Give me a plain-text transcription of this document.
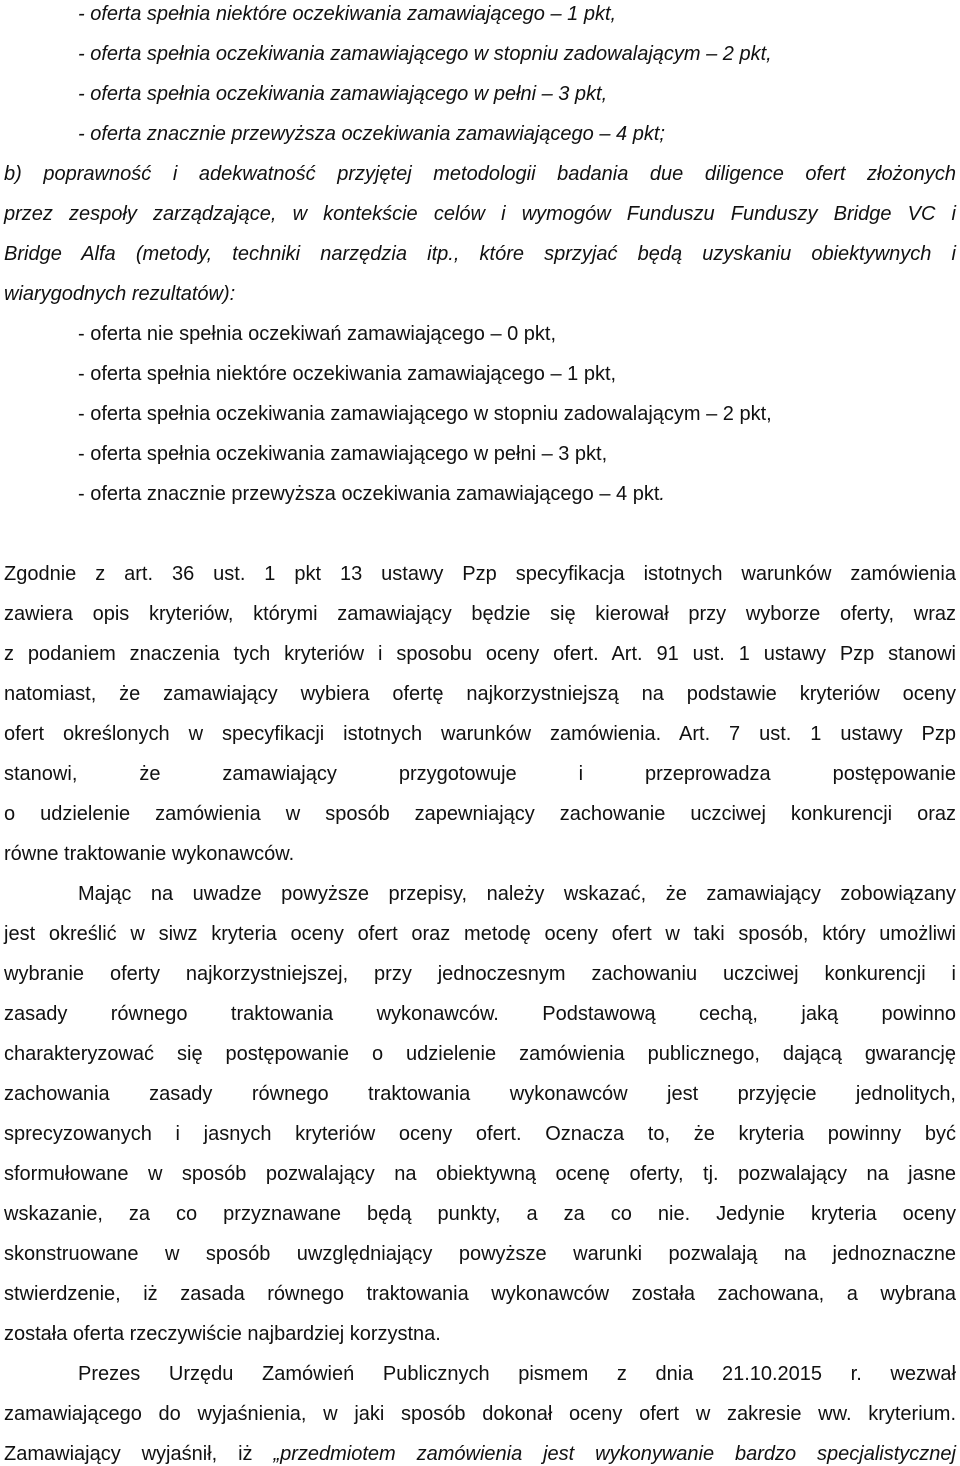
- oferta spełnia niektóre oczekiwania zamawiającego – 1 pkt,
- oferta spełnia oczekiwania zamawiającego w stopniu zadowalającym – 2 pkt,
- oferta spełnia oczekiwania zamawiającego w pełni – 3 pkt,
- oferta znacznie przewyższa oczekiwania zamawiającego – 4 pkt;
b) poprawność i adekwatność przyjętej metodologii badania due diligence ofert złożonych
przez zespoły zarządzające, w kontekście celów i wymogów Funduszu Funduszy Bridge VC i
Bridge Alfa (metody, techniki narzędzia itp., które sprzyjać będą uzyskaniu obiektywnych i
wiarygodnych rezultatów):
- oferta nie spełnia oczekiwań zamawiającego – 0 pkt,
- oferta spełnia niektóre oczekiwania zamawiającego – 1 pkt,
- oferta spełnia oczekiwania zamawiającego w stopniu zadowalającym – 2 pkt,
- oferta spełnia oczekiwania zamawiającego w pełni – 3 pkt,
- oferta znacznie przewyższa oczekiwania zamawiającego – 4 pkt.
Zgodnie z art. 36 ust. 1 pkt 13 ustawy Pzp specyfikacja istotnych warunków zamówienia
zawiera opis kryteriów, którymi zamawiający będzie się kierował przy wyborze oferty, wraz
z podaniem znaczenia tych kryteriów i sposobu oceny ofert. Art. 91 ust. 1 ustawy Pzp stanowi
natomiast, że zamawiający wybiera ofertę najkorzystniejszą na podstawie kryteriów oceny
ofert określonych w specyfikacji istotnych warunków zamówienia. Art. 7 ust. 1 ustawy Pzp
stanowi, że zamawiający przygotowuje i przeprowadza postępowanie
o udzielenie zamówienia w sposób zapewniający zachowanie uczciwej konkurencji oraz
równe traktowanie wykonawców.
Mając na uwadze powyższe przepisy, należy wskazać, że zamawiający zobowiązany
jest określić w siwz kryteria oceny ofert oraz metodę oceny ofert w taki sposób, który umożliwi
wybranie oferty najkorzystniejszej, przy jednoczesnym zachowaniu uczciwej konkurencji i
zasady równego traktowania wykonawców. Podstawową cechą, jaką powinno
charakteryzować się postępowanie o udzielenie zamówienia publicznego, dającą gwarancję
zachowania zasady równego traktowania wykonawców jest przyjęcie jednolitych,
sprecyzowanych i jasnych kryteriów oceny ofert. Oznacza to, że kryteria powinny być
sformułowane w sposób pozwalający na obiektywną ocenę oferty, tj. pozwalający na jasne
wskazanie, za co przyznawane będą punkty, a za co nie. Jedynie kryteria oceny
skonstruowane w sposób uwzględniający powyższe warunki pozwalają na jednoznaczne
stwierdzenie, iż zasada równego traktowania wykonawców została zachowana, a wybrana
została oferta rzeczywiście najbardziej korzystna.
Prezes Urzędu Zamówień Publicznych pismem z dnia 21.10.2015 r. wezwał
zamawiającego do wyjaśnienia, w jaki sposób dokonał oceny ofert w zakresie ww. kryterium.
Zamawiający wyjaśnił, iż „przedmiotem zamówienia jest wykonywanie bardzo specjalistycznej
